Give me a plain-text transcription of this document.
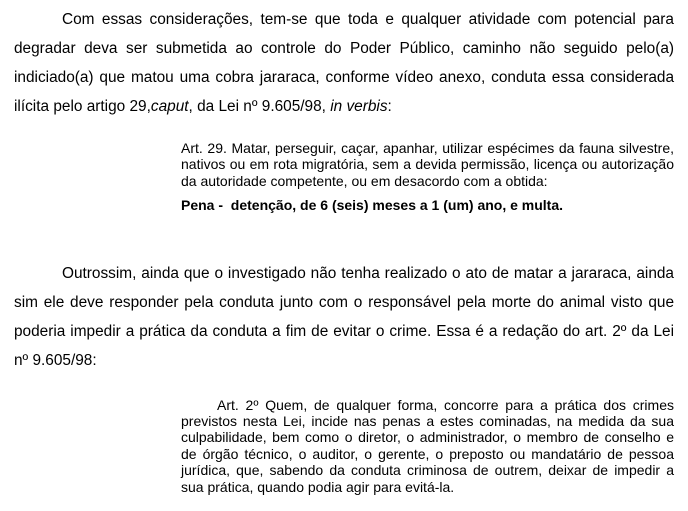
Com essas considerações, tem-se que toda e qualquer atividade com potencial para degradar deva ser submetida ao controle do Poder Público, caminho não seguido pelo(a) indiciado(a) que matou uma cobra jararaca, conforme vídeo anexo, conduta essa considerada ilícita pelo artigo 29,caput, da Lei nº 9.605/98, in verbis:

Art. 29. Matar, perseguir, caçar, apanhar, utilizar espécimes da fauna silvestre, nativos ou em rota migratória, sem a devida permissão, licença ou autorização da autoridade competente, ou em desacordo com a obtida:

Pena -  detenção, de 6 (seis) meses a 1 (um) ano, e multa.

Outrossim, ainda que o investigado não tenha realizado o ato de matar a jararaca, ainda sim ele deve responder pela conduta junto com o responsável pela morte do animal visto que poderia impedir a prática da conduta a fim de evitar o crime. Essa é a redação do art. 2º da Lei nº 9.605/98:

Art. 2º Quem, de qualquer forma, concorre para a prática dos crimes previstos nesta Lei, incide nas penas a estes cominadas, na medida da sua culpabilidade, bem como o diretor, o administrador, o membro de conselho e de órgão técnico, o auditor, o gerente, o preposto ou mandatário de pessoa jurídica, que, sabendo da conduta criminosa de outrem, deixar de impedir a sua prática, quando podia agir para evitá-la.
